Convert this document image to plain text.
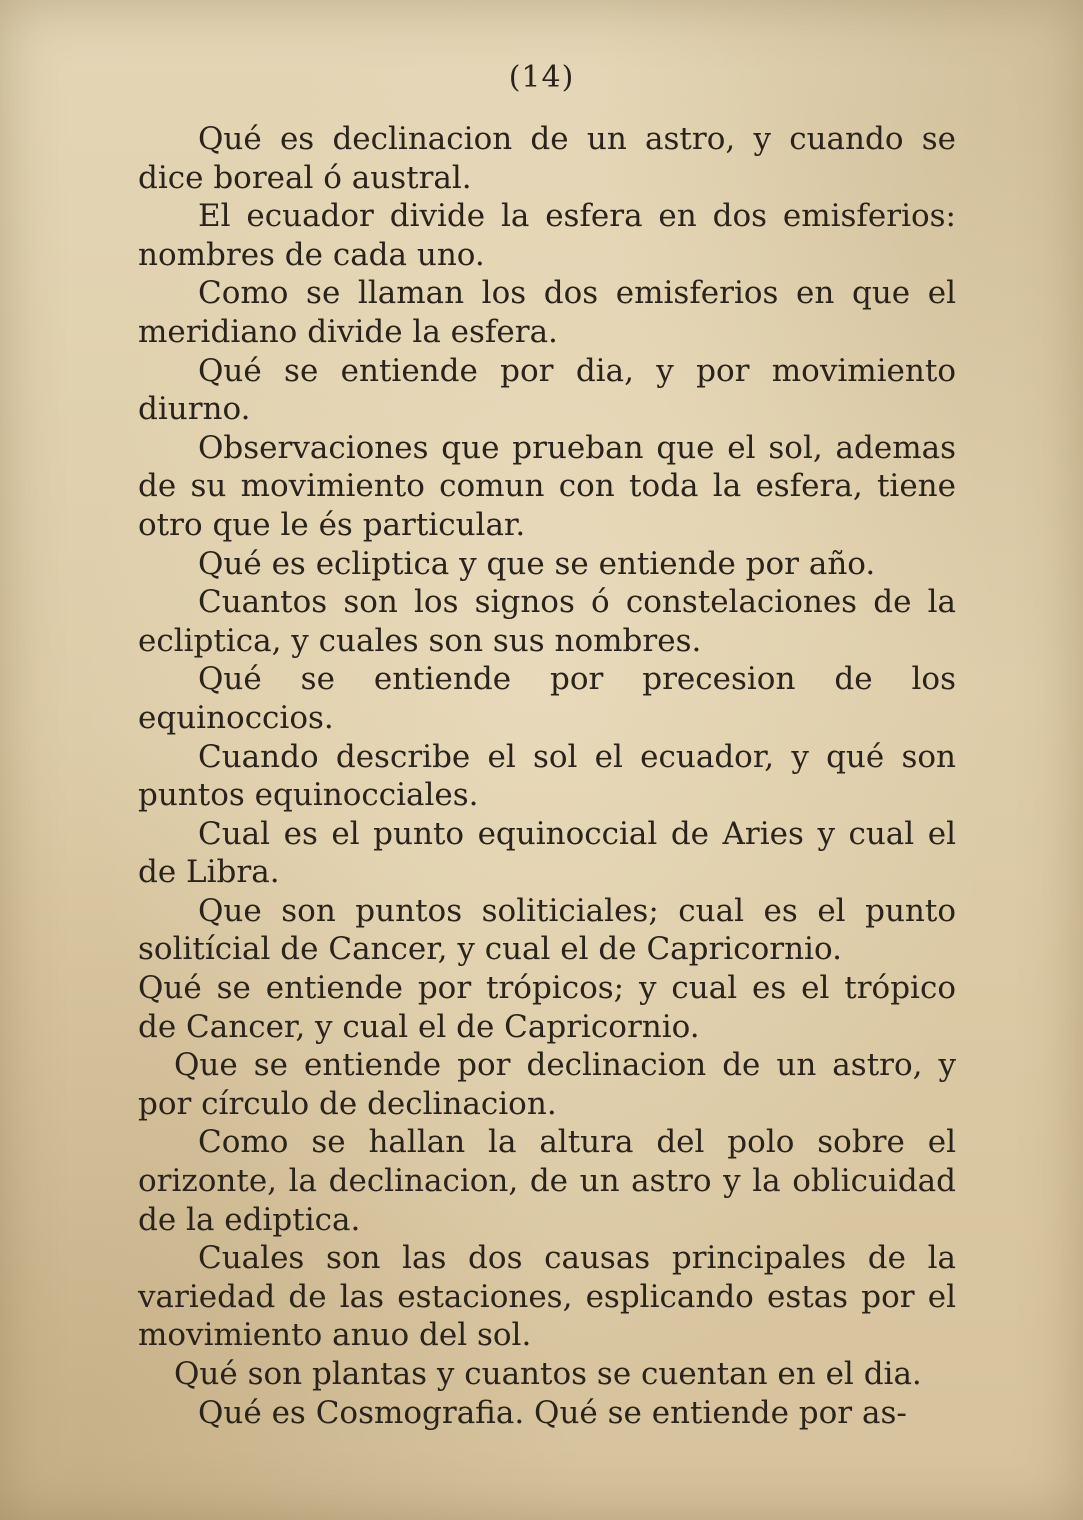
(14)

Qué es declinacion de un astro, y cuando se dice boreal ó austral.

El ecuador divide la esfera en dos emisferios: nombres de cada uno.

Como se llaman los dos emisferios en que el meridiano divide la esfera.

Qué se entiende por dia, y por movimiento diurno.

Observaciones que prueban que el sol, ademas de su movimiento comun con toda la esfera, tiene otro que le és particular.

Qué es ecliptica y que se entiende por año.

Cuantos son los signos ó constelaciones de la ecliptica, y cuales son sus nombres.

Qué se entiende por precesion de los equinoccios.

Cuando describe el sol el ecuador, y qué son puntos equinocciales.

Cual es el punto equinoccial de Aries y cual el de Libra.

Que son puntos soliticiales; cual es el punto solitícial de Cancer, y cual el de Capricornio.

Qué se entiende por trópicos; y cual es el trópico de Cancer, y cual el de Capricornio.

Que se entiende por declinacion de un astro, y por círculo de declinacion.

Como se hallan la altura del polo sobre el orizonte, la declinacion, de un astro y la oblicuidad de la ediptica.

Cuales son las dos causas principales de la variedad de las estaciones, esplicando estas por el movimiento anuo del sol.

Qué son plantas y cuantos se cuentan en el dia.

Qué es Cosmografia. Qué se entiende por as-
